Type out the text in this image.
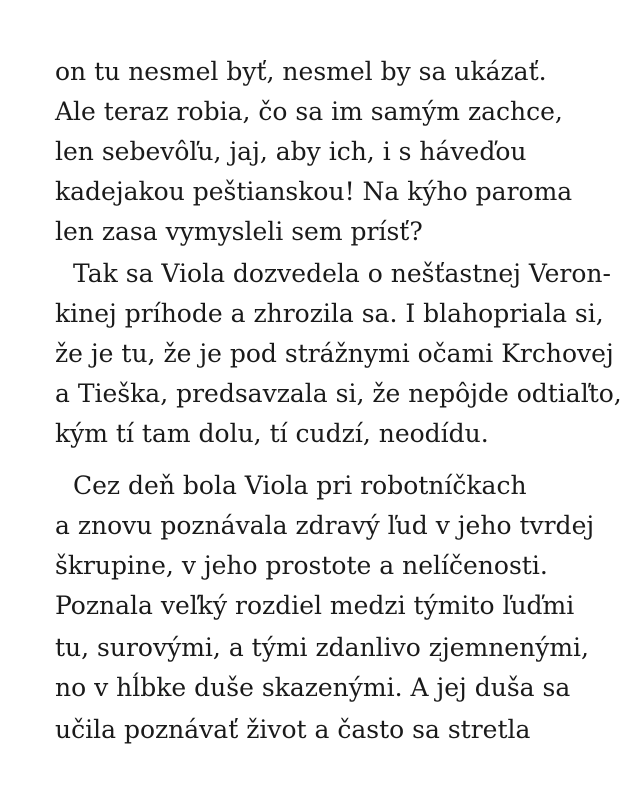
on tu nesmel byť, nesmel by sa ukázať.
Ale teraz robia, čo sa im samým zachce,
len sebevôľu, jaj, aby ich, i s háveďou
kadejakou peštianskou! Na kýho paroma
len zasa vymysleli sem prísť?
Tak sa Viola dozvedela o nešťastnej Veron-
kinej príhode a zhrozila sa. I blahopriala si,
že je tu, že je pod strážnymi očami Krchovej
a Tieška, predsavzala si, že nepôjde odtiaľto,
kým tí tam dolu, tí cudzí, neodídu.
Cez deň bola Viola pri robotníčkach
a znovu poznávala zdravý ľud v jeho tvrdej
škrupine, v jeho prostote a nelíčenosti.
Poznala veľký rozdiel medzi týmito ľuďmi
tu, surovými, a tými zdanlivo zjemnenými,
no v hĺbke duše skazenými. A jej duša sa
učila poznávať život a často sa stretla
